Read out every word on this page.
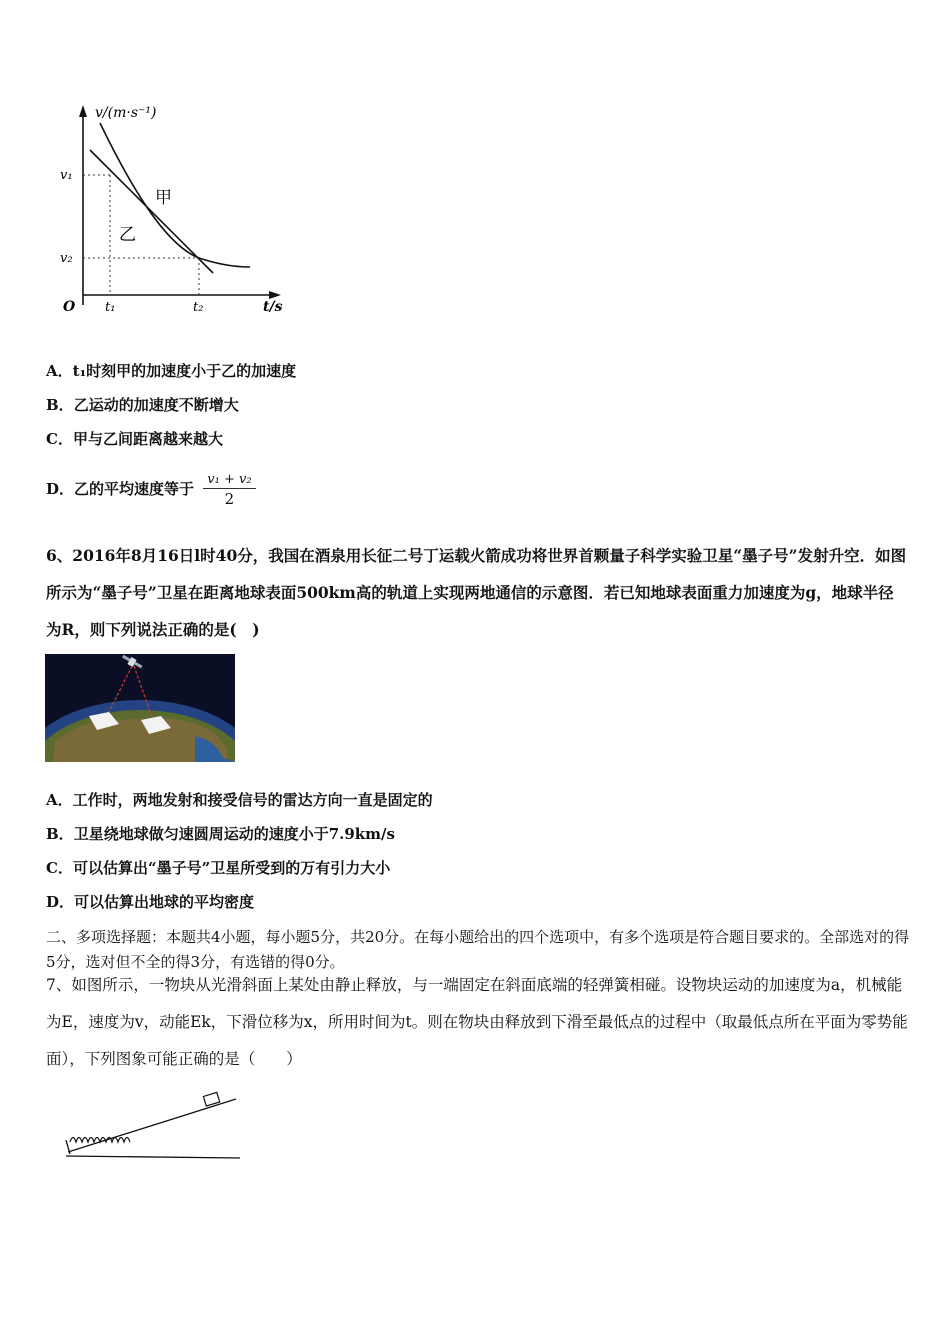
v/(m·s⁻¹)
v₁
v₂
O t₁	t₂	t/s
甲
乙
A．t₁时刻甲的加速度小于乙的加速度
B．乙运动的加速度不断增大
C．甲与乙间距离越来越大
D．乙的平均速度等于 $\frac{\text{v₁ + v₂}}{2}$
6、2016年8月16日l时40分，我国在酒泉用长征二号丁运载火箭成功将世界首颗量子科学实验卫星“墨子号”发射升空．如图所示为“墨子号”卫星在距离地球表面500km高的轨道上实现两地通信的示意图．若已知地球表面重力加速度为g，地球半径为R，则下列说法正确的是(　)
A．工作时，两地发射和接受信号的雷达方向一直是固定的
B．卫星绕地球做匀速圆周运动的速度小于7.9km/s
C．可以估算出“墨子号”卫星所受到的万有引力大小
D．可以估算出地球的平均密度
二、多项选择题：本题共4小题，每小题5分，共20分。在每小题给出的四个选项中，有多个选项是符合题目要求的。全部选对的得5分，选对但不全的得3分，有选错的得0分。
7、如图所示，一物块从光滑斜面上某处由静止释放，与一端固定在斜面底端的轻弹簧相碰。设物块运动的加速度为a，机械能为E，速度为v，动能Ek，下滑位移为x，所用时间为t。则在物块由释放到下滑至最低点的过程中（取最低点所在平面为零势能面），下列图象可能正确的是（　　）
